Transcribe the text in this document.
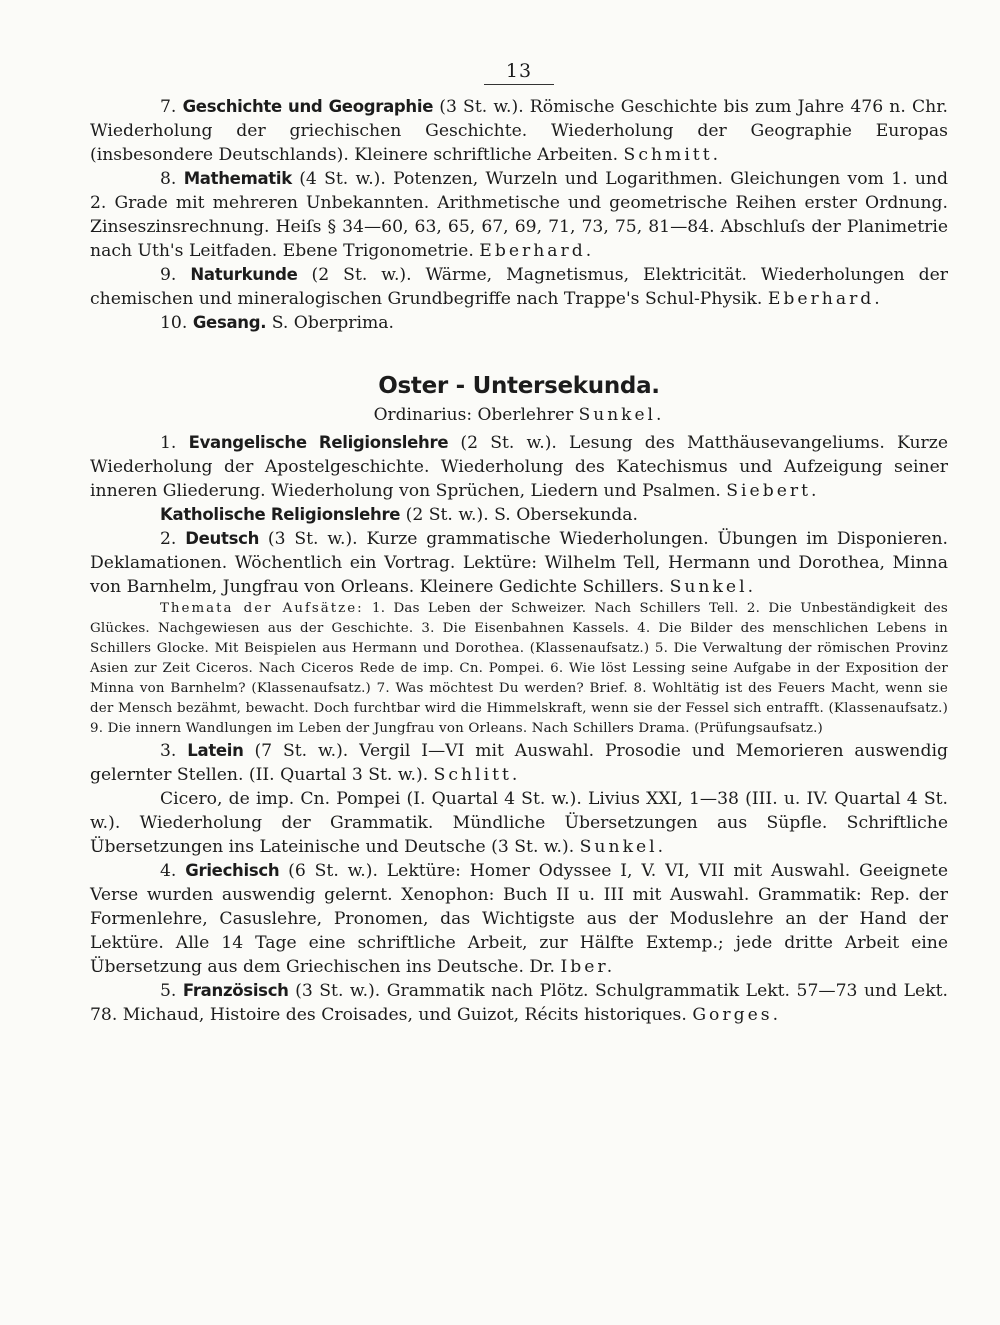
13

7. Geschichte und Geographie (3 St. w.). Römische Geschichte bis zum Jahre 476 n. Chr. Wiederholung der griechischen Geschichte. Wiederholung der Geographie Europas (insbesondere Deutschlands). Kleinere schriftliche Arbeiten. Schmitt.

8. Mathematik (4 St. w.). Potenzen, Wurzeln und Logarithmen. Gleichungen vom 1. und 2. Grade mit mehreren Unbekannten. Arithmetische und geometrische Reihen erster Ordnung. Zinseszinsrechnung. Heiſs § 34—60, 63, 65, 67, 69, 71, 73, 75, 81—84. Abschluſs der Planimetrie nach Uth's Leitfaden. Ebene Trigonometrie. Eberhard.

9. Naturkunde (2 St. w.). Wärme, Magnetismus, Elektricität. Wiederholungen der chemischen und mineralogischen Grundbegriffe nach Trappe's Schul-Physik. Eberhard.

10. Gesang. S. Oberprima.

Oster - Untersekunda.
Ordinarius: Oberlehrer Sunkel.

1. Evangelische Religionslehre (2 St. w.). Lesung des Matthäusevangeliums. Kurze Wiederholung der Apostelgeschichte. Wiederholung des Katechismus und Aufzeigung seiner inneren Gliederung. Wiederholung von Sprüchen, Liedern und Psalmen. Siebert.

Katholische Religionslehre (2 St. w.). S. Obersekunda.

2. Deutsch (3 St. w.). Kurze grammatische Wiederholungen. Übungen im Disponieren. Deklamationen. Wöchentlich ein Vortrag. Lektüre: Wilhelm Tell, Hermann und Dorothea, Minna von Barnhelm, Jungfrau von Orleans. Kleinere Gedichte Schillers. Sunkel.

Themata der Aufsätze: 1. Das Leben der Schweizer. Nach Schillers Tell. 2. Die Unbeständigkeit des Glückes. Nachgewiesen aus der Geschichte. 3. Die Eisenbahnen Kassels. 4. Die Bilder des menschlichen Lebens in Schillers Glocke. Mit Beispielen aus Hermann und Dorothea. (Klassenaufsatz.) 5. Die Verwaltung der römischen Provinz Asien zur Zeit Ciceros. Nach Ciceros Rede de imp. Cn. Pompei. 6. Wie löst Lessing seine Aufgabe in der Exposition der Minna von Barnhelm? (Klassenaufsatz.) 7. Was möchtest Du werden? Brief. 8. Wohltätig ist des Feuers Macht, wenn sie der Mensch bezähmt, bewacht. Doch furchtbar wird die Himmelskraft, wenn sie der Fessel sich entrafft. (Klassenaufsatz.) 9. Die innern Wandlungen im Leben der Jungfrau von Orleans. Nach Schillers Drama. (Prüfungsaufsatz.)

3. Latein (7 St. w.). Vergil I—VI mit Auswahl. Prosodie und Memorieren auswendig gelernter Stellen. (II. Quartal 3 St. w.). Schlitt.

Cicero, de imp. Cn. Pompei (I. Quartal 4 St. w.). Livius XXI, 1—38 (III. u. IV. Quartal 4 St. w.). Wiederholung der Grammatik. Mündliche Übersetzungen aus Süpfle. Schriftliche Übersetzungen ins Lateinische und Deutsche (3 St. w.). Sunkel.

4. Griechisch (6 St. w.). Lektüre: Homer Odyssee I, V. VI, VII mit Auswahl. Geeignete Verse wurden auswendig gelernt. Xenophon: Buch II u. III mit Auswahl. Grammatik: Rep. der Formenlehre, Casuslehre, Pronomen, das Wichtigste aus der Moduslehre an der Hand der Lektüre. Alle 14 Tage eine schriftliche Arbeit, zur Hälfte Extemp.; jede dritte Arbeit eine Übersetzung aus dem Griechischen ins Deutsche. Dr. Iber.

5. Französisch (3 St. w.). Grammatik nach Plötz. Schulgrammatik Lekt. 57—73 und Lekt. 78. Michaud, Histoire des Croisades, und Guizot, Récits historiques. Gorges.
